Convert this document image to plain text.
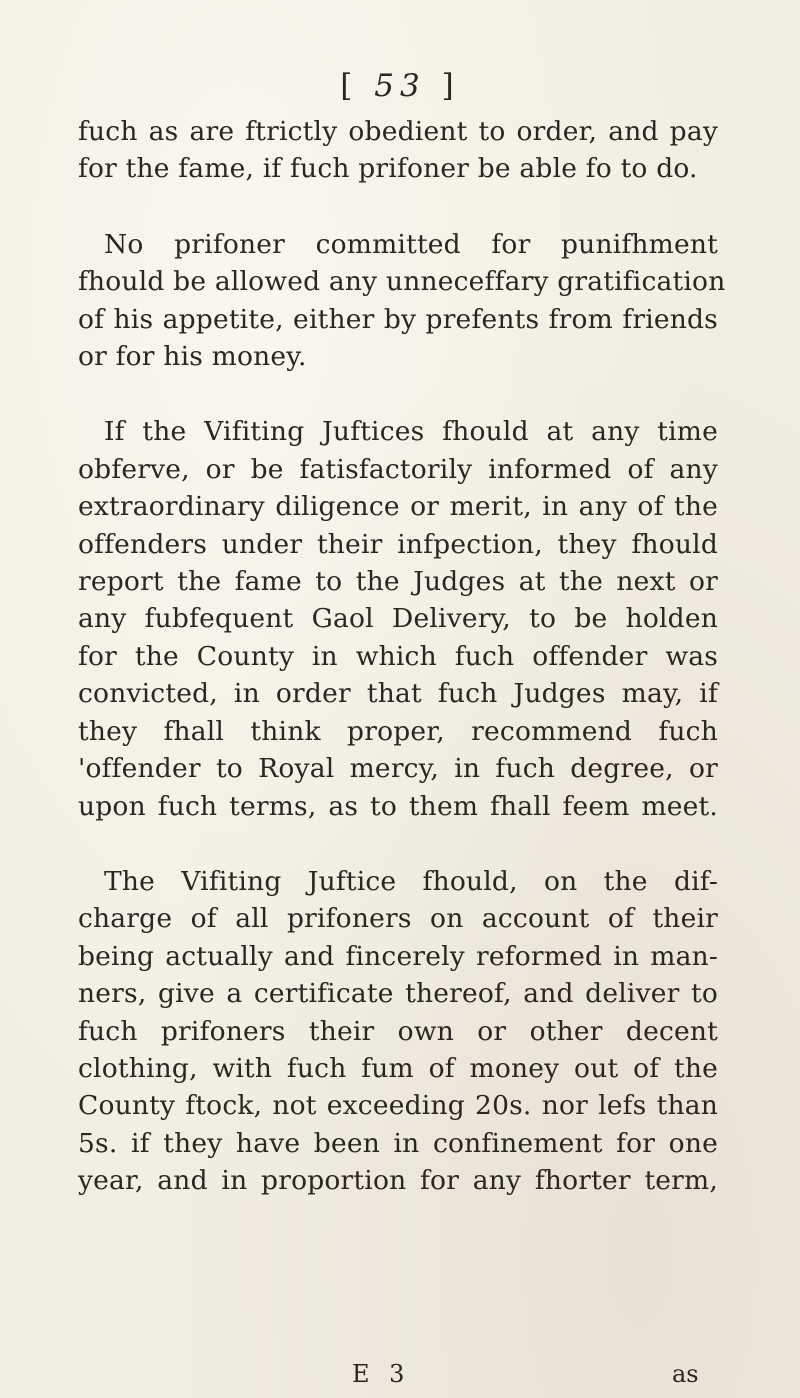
[ 53 ]
fuch as are ftrictly obedient to order, and pay
for the fame, if fuch prifoner be able fo to do.
No prifoner committed for punifhment
fhould be allowed any unneceffary gratification
of his appetite, either by prefents from friends
or for his money.
If the Vifiting Juftices fhould at any time
obferve, or be fatisfactorily informed of any
extraordinary diligence or merit, in any of the
offenders under their infpection, they fhould
report the fame to the Judges at the next or
any fubfequent Gaol Delivery, to be holden
for the County in which fuch offender was
convicted, in order that fuch Judges may, if
they fhall think proper, recommend fuch
'offender to Royal mercy, in fuch degree, or
upon fuch terms, as to them fhall feem meet.
The Vifiting Juftice fhould, on the dif-
charge of all prifoners on account of their
being actually and fincerely reformed in man-
ners, give a certificate thereof, and deliver to
fuch prifoners their own or other decent
clothing, with fuch fum of money out of the
County ftock, not exceeding 20s. nor lefs than
5s. if they have been in confinement for one
year, and in proportion for any fhorter term,
E 3	as
